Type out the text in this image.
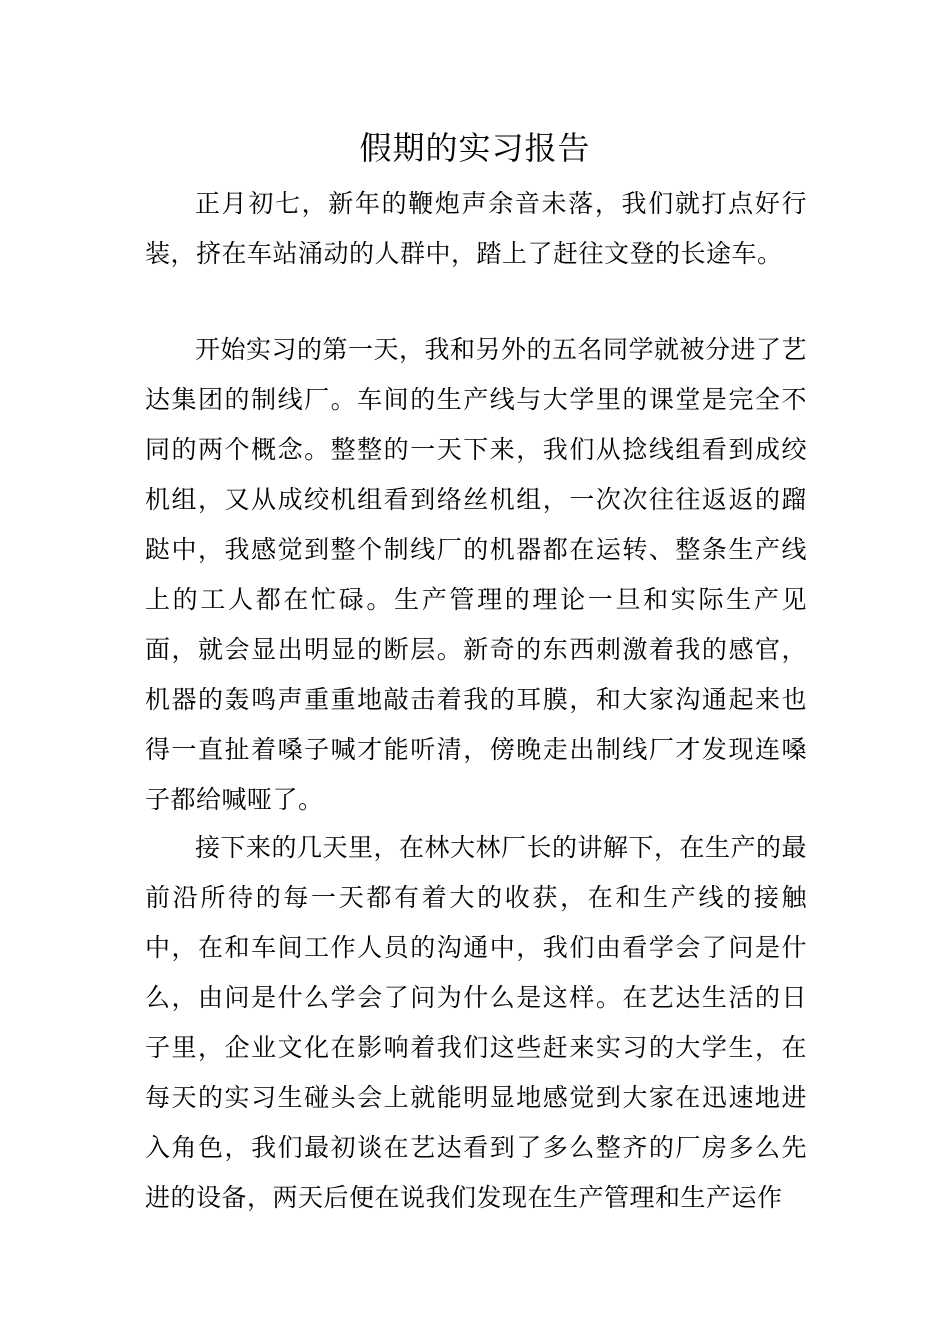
假期的实习报告

正月初七，新年的鞭炮声余音未落，我们就打点好行装，挤在车站涌动的人群中，踏上了赶往文登的长途车。

开始实习的第一天，我和另外的五名同学就被分进了艺达集团的制线厂。车间的生产线与大学里的课堂是完全不同的两个概念。整整的一天下来，我们从捻线组看到成绞机组，又从成绞机组看到络丝机组，一次次往往返返的蹓跶中，我感觉到整个制线厂的机器都在运转、整条生产线上的工人都在忙碌。生产管理的理论一旦和实际生产见面，就会显出明显的断层。新奇的东西刺激着我的感官，机器的轰鸣声重重地敲击着我的耳膜，和大家沟通起来也得一直扯着嗓子喊才能听清，傍晚走出制线厂才发现连嗓子都给喊哑了。

接下来的几天里，在林大林厂长的讲解下，在生产的最前沿所待的每一天都有着大的收获，在和生产线的接触中，在和车间工作人员的沟通中，我们由看学会了问是什么，由问是什么学会了问为什么是这样。在艺达生活的日子里，企业文化在影响着我们这些赶来实习的大学生，在每天的实习生碰头会上就能明显地感觉到大家在迅速地进入角色，我们最初谈在艺达看到了多么整齐的厂房多么先进的设备，两天后便在说我们发现在生产管理和生产运作
